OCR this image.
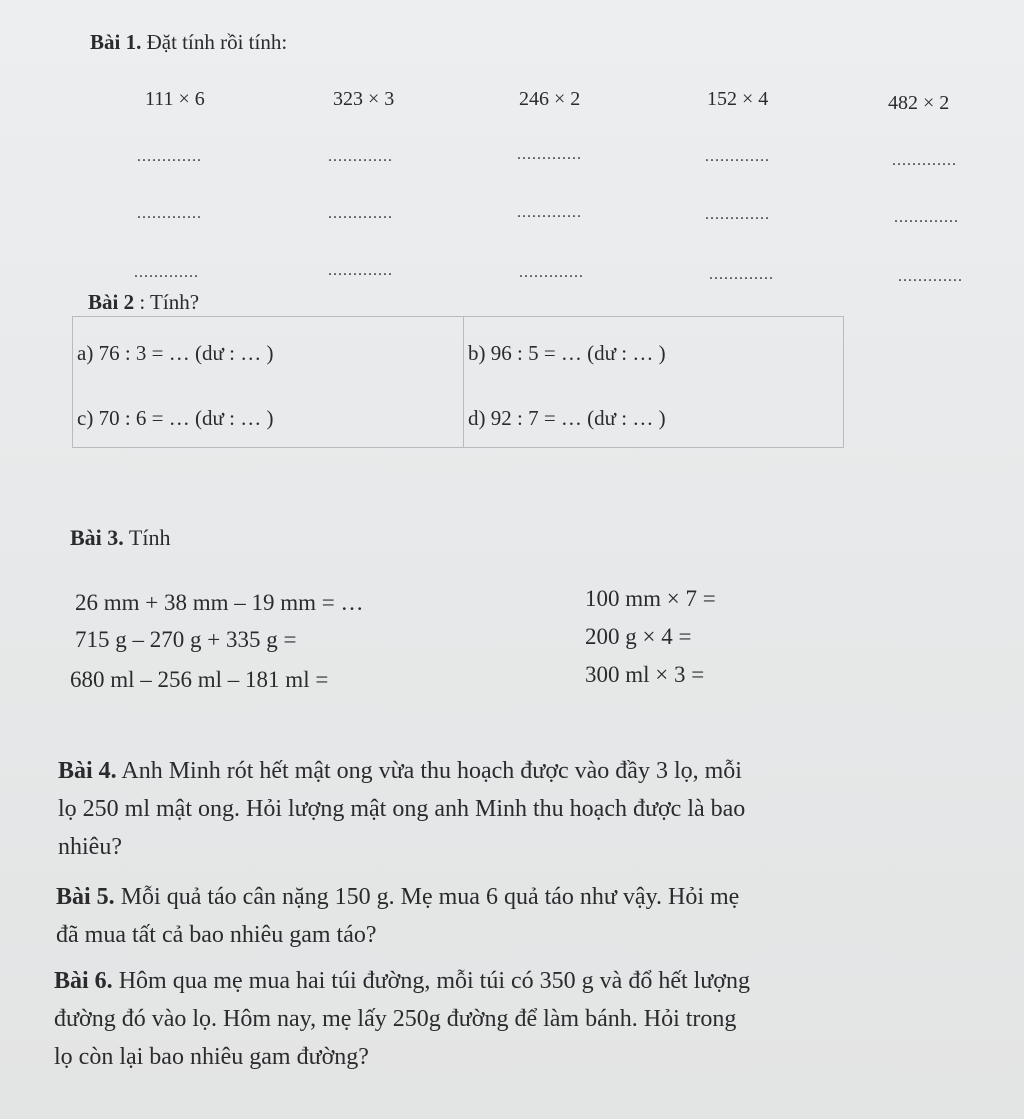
Bài 1. Đặt tính rồi tính:
111 × 6	323 × 3	246 × 2	152 × 4	482 × 2
.............	.............	.............	.............	.............
.............	.............	.............	.............	.............
.............	.............	.............	.............	.............
Bài 2 : Tính?
a) 76 : 3 = … (dư : … )	b) 96 : 5 = … (dư : … )
c) 70 : 6 = … (dư : … )	d) 92 : 7 = … (dư : … )
Bài 3. Tính
26 mm + 38 mm – 19 mm = …
715 g – 270 g + 335 g =
680 ml – 256 ml – 181 ml =
100 mm × 7 =
200 g × 4 =
300 ml × 3 =
Bài 4. Anh Minh rót hết mật ong vừa thu hoạch được vào đầy 3 lọ, mỗi
lọ 250 ml mật ong. Hỏi lượng mật ong anh Minh thu hoạch được là bao
nhiêu?
Bài 5. Mỗi quả táo cân nặng 150 g. Mẹ mua 6 quả táo như vậy. Hỏi mẹ
đã mua tất cả bao nhiêu gam táo?
Bài 6. Hôm qua mẹ mua hai túi đường, mỗi túi có 350 g và đổ hết lượng
đường đó vào lọ. Hôm nay, mẹ lấy 250g đường để làm bánh. Hỏi trong
lọ còn lại bao nhiêu gam đường?
